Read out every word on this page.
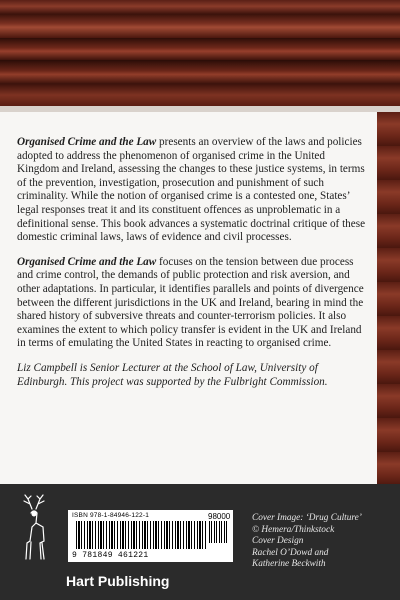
Organised Crime and the Law presents an overview of the laws and policies adopted to address the phenomenon of organised crime in the United Kingdom and Ireland, assessing the changes to these justice systems, in terms of the prevention, investigation, prosecution and punishment of such criminality. While the notion of organised crime is a contested one, States’ legal responses treat it and its constituent offences as unproblematic in a definitional sense. This book advances a systematic doctrinal critique of these domestic criminal laws, laws of evidence and civil processes.

Organised Crime and the Law focuses on the tension between due process and crime control, the demands of public protection and risk aversion, and other adaptations. In particular, it identifies parallels and points of divergence between the different jurisdictions in the UK and Ireland, bearing in mind the shared history of subversive threats and counter-terrorism policies. It also examines the extent to which policy transfer is evident in the UK and Ireland in terms of emulating the United States in reacting to organised crime.

Liz Campbell is Senior Lecturer at the School of Law, University of Edinburgh. This project was supported by the Fulbright Commission.

Hart Publishing
ISBN 978-1-84946-122-1	98000
9 781849 461221
Cover Image: ‘Drug Culture’
© Hemera/Thinkstock
Cover Design
Rachel O’Dowd and
Katherine Beckwith
